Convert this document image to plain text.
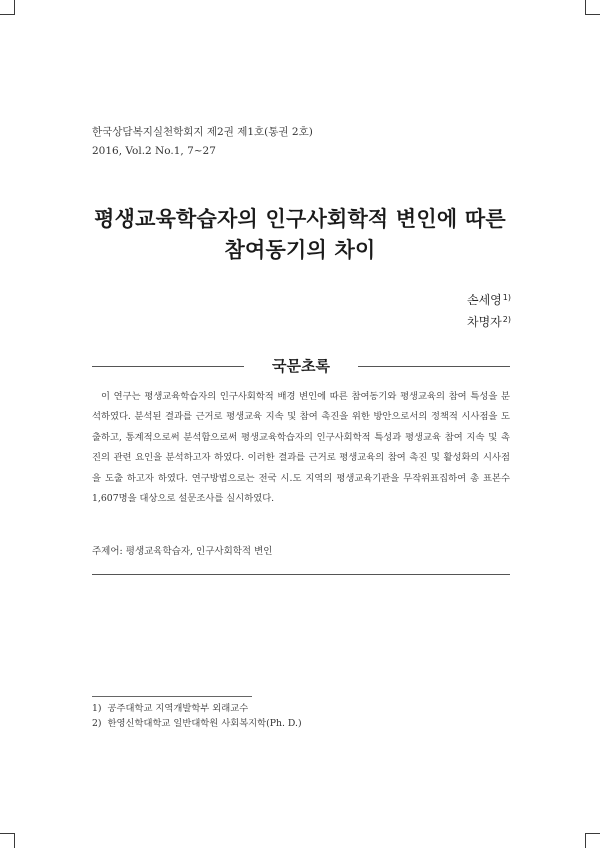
한국상담복지실천학회지 제2권 제1호(통권 2호)
2016, Vol.2 No.1, 7~27
평생교육학습자의 인구사회학적 변인에 따른
참여동기의 차이
손세영$^{1)}$
차명자$^{2)}$
국문초록

이 연구는 평생교육학습자의 인구사회학적 배경 변인에 따른 참여동기와 평생교육의 참여 특성을 분석하였다. 분석된 결과를 근거로 평생교육 지속 및 참여 촉진을 위한 방안으로서의 정책적 시사점을 도출하고, 통계적으로써 분석함으로써 평생교육학습자의 인구사회학적 특성과 평생교육 참여 지속 및 촉진의 관련 요인을 분석하고자 하였다. 이러한 결과를 근거로 평생교육의 참여 촉진 및 활성화의 시사점을 도출 하고자 하였다. 연구방법으로는 전국 시.도 지역의 평생교육기관을 무작위표집하여 총 표본수 1,607명을 대상으로 설문조사를 실시하였다.

주제어: 평생교육학습자, 인구사회학적 변인
1) 공주대학교 지역개발학부 외래교수
2) 한영신학대학교 일반대학원 사회복지학(Ph. D.)
